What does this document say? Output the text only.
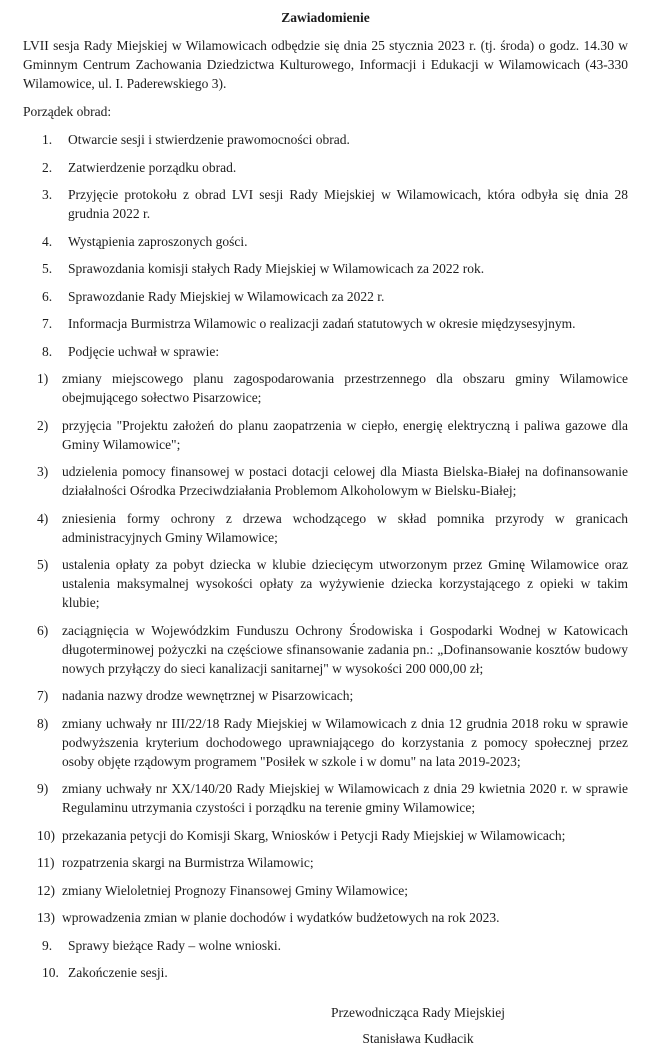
Zawiadomienie

LVII sesja Rady Miejskiej w Wilamowicach odbędzie się dnia 25 stycznia 2023 r. (tj. środa) o godz. 14.30 w Gminnym Centrum Zachowania Dziedzictwa Kulturowego, Informacji i Edukacji w Wilamowicach (43-330 Wilamowice, ul. I. Paderewskiego 3).

Porządek obrad:

1.	Otwarcie sesji i stwierdzenie prawomocności obrad.
2.	Zatwierdzenie porządku obrad.
3.	Przyjęcie protokołu z obrad LVI sesji Rady Miejskiej w Wilamowicach, która odbyła się dnia 28 grudnia 2022 r.
4.	Wystąpienia zaproszonych gości.
5.	Sprawozdania komisji stałych Rady Miejskiej w Wilamowicach za 2022 rok.
6.	Sprawozdanie Rady Miejskiej w Wilamowicach za 2022 r.
7.	Informacja Burmistrza Wilamowic o realizacji zadań statutowych w okresie międzysesyjnym.
8.	Podjęcie uchwał w sprawie:
1)	zmiany miejscowego planu zagospodarowania przestrzennego dla obszaru gminy Wilamowice obejmującego sołectwo Pisarzowice;
2)	przyjęcia "Projektu założeń do planu zaopatrzenia w ciepło, energię elektryczną i paliwa gazowe dla Gminy Wilamowice";
3)	udzielenia pomocy finansowej w postaci dotacji celowej dla Miasta Bielska-Białej na dofinansowanie działalności Ośrodka Przeciwdziałania Problemom Alkoholowym w Bielsku-Białej;
4)	zniesienia formy ochrony z drzewa wchodzącego w skład pomnika przyrody w granicach administracyjnych Gminy Wilamowice;
5)	ustalenia opłaty za pobyt dziecka w klubie dziecięcym utworzonym przez Gminę Wilamowice oraz ustalenia maksymalnej wysokości opłaty za wyżywienie dziecka korzystającego z opieki w takim klubie;
6)	zaciągnięcia w Wojewódzkim Funduszu Ochrony Środowiska i Gospodarki Wodnej w Katowicach długoterminowej pożyczki na częściowe sfinansowanie zadania pn.: „Dofinansowanie kosztów budowy nowych przyłączy do sieci kanalizacji sanitarnej" w wysokości 200 000,00 zł;
7)	nadania nazwy drodze wewnętrznej w Pisarzowicach;
8)	zmiany uchwały nr III/22/18 Rady Miejskiej w Wilamowicach z dnia 12 grudnia 2018 roku w sprawie podwyższenia kryterium dochodowego uprawniającego do korzystania z pomocy społecznej przez osoby objęte rządowym programem "Posiłek w szkole i w domu" na lata 2019-2023;
9)	zmiany uchwały nr XX/140/20 Rady Miejskiej w Wilamowicach z dnia 29 kwietnia 2020 r. w sprawie Regulaminu utrzymania czystości i porządku na terenie gminy Wilamowice;
10) przekazania petycji do Komisji Skarg, Wniosków i Petycji Rady Miejskiej w Wilamowicach;
11) rozpatrzenia skargi na Burmistrza Wilamowic;
12) zmiany Wieloletniej Prognozy Finansowej Gminy Wilamowice;
13) wprowadzenia zmian w planie dochodów i wydatków budżetowych na rok 2023.
9.	Sprawy bieżące Rady – wolne wnioski.
10. Zakończenie sesji.
Przewodnicząca Rady Miejskiej
Stanisława Kudłacik
